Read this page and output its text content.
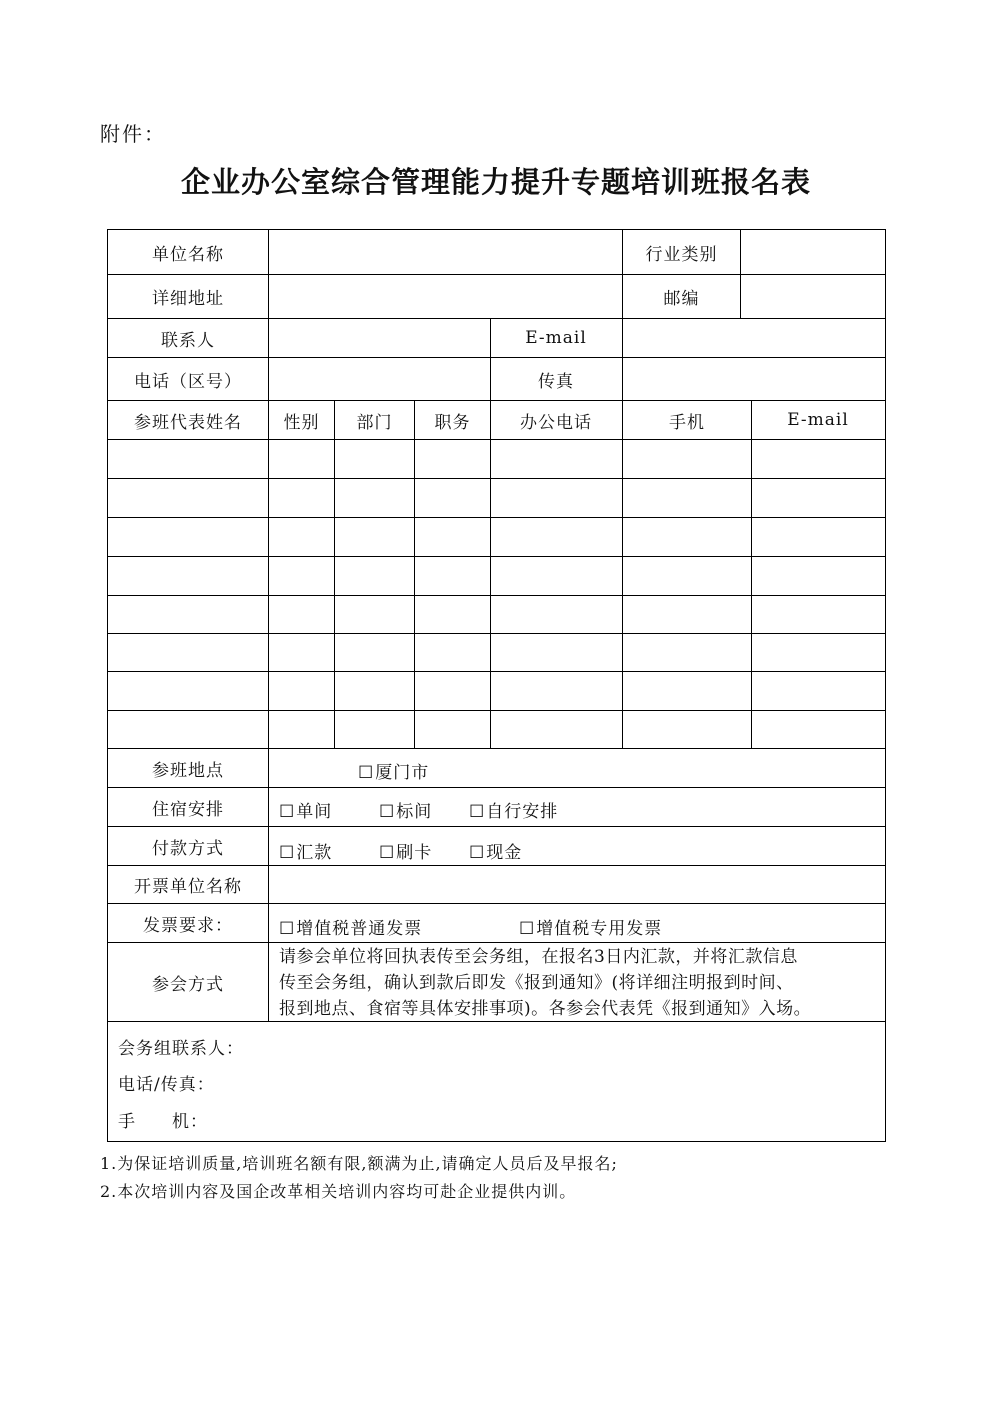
附件：
企业办公室综合管理能力提升专题培训班报名表
单位名称	行业类别
详细地址	邮编
联系人	E-mail
电话（区号）	传真
参班代表姓名	性别	部门	职务	办公电话	手机	E-mail
参班地点	☐厦门市
住宿安排	☐单间	☐标间 ☐自行安排
付款方式	☐汇款	☐刷卡 ☐现金
开票单位名称
发票要求：	☐增值税普通发票	☐增值税专用发票
参会方式
请参会单位将回执表传至会务组，在报名3日内汇款，并将汇款信息
传至会务组，确认到款后即发《报到通知》(将详细注明报到时间、
报到地点、食宿等具体安排事项)。各参会代表凭《报到通知》入场。
会务组联系人：
电话/传真：
手　　机：
1.为保证培训质量,培训班名额有限,额满为止,请确定人员后及早报名;
2.本次培训内容及国企改革相关培训内容均可赴企业提供内训。
